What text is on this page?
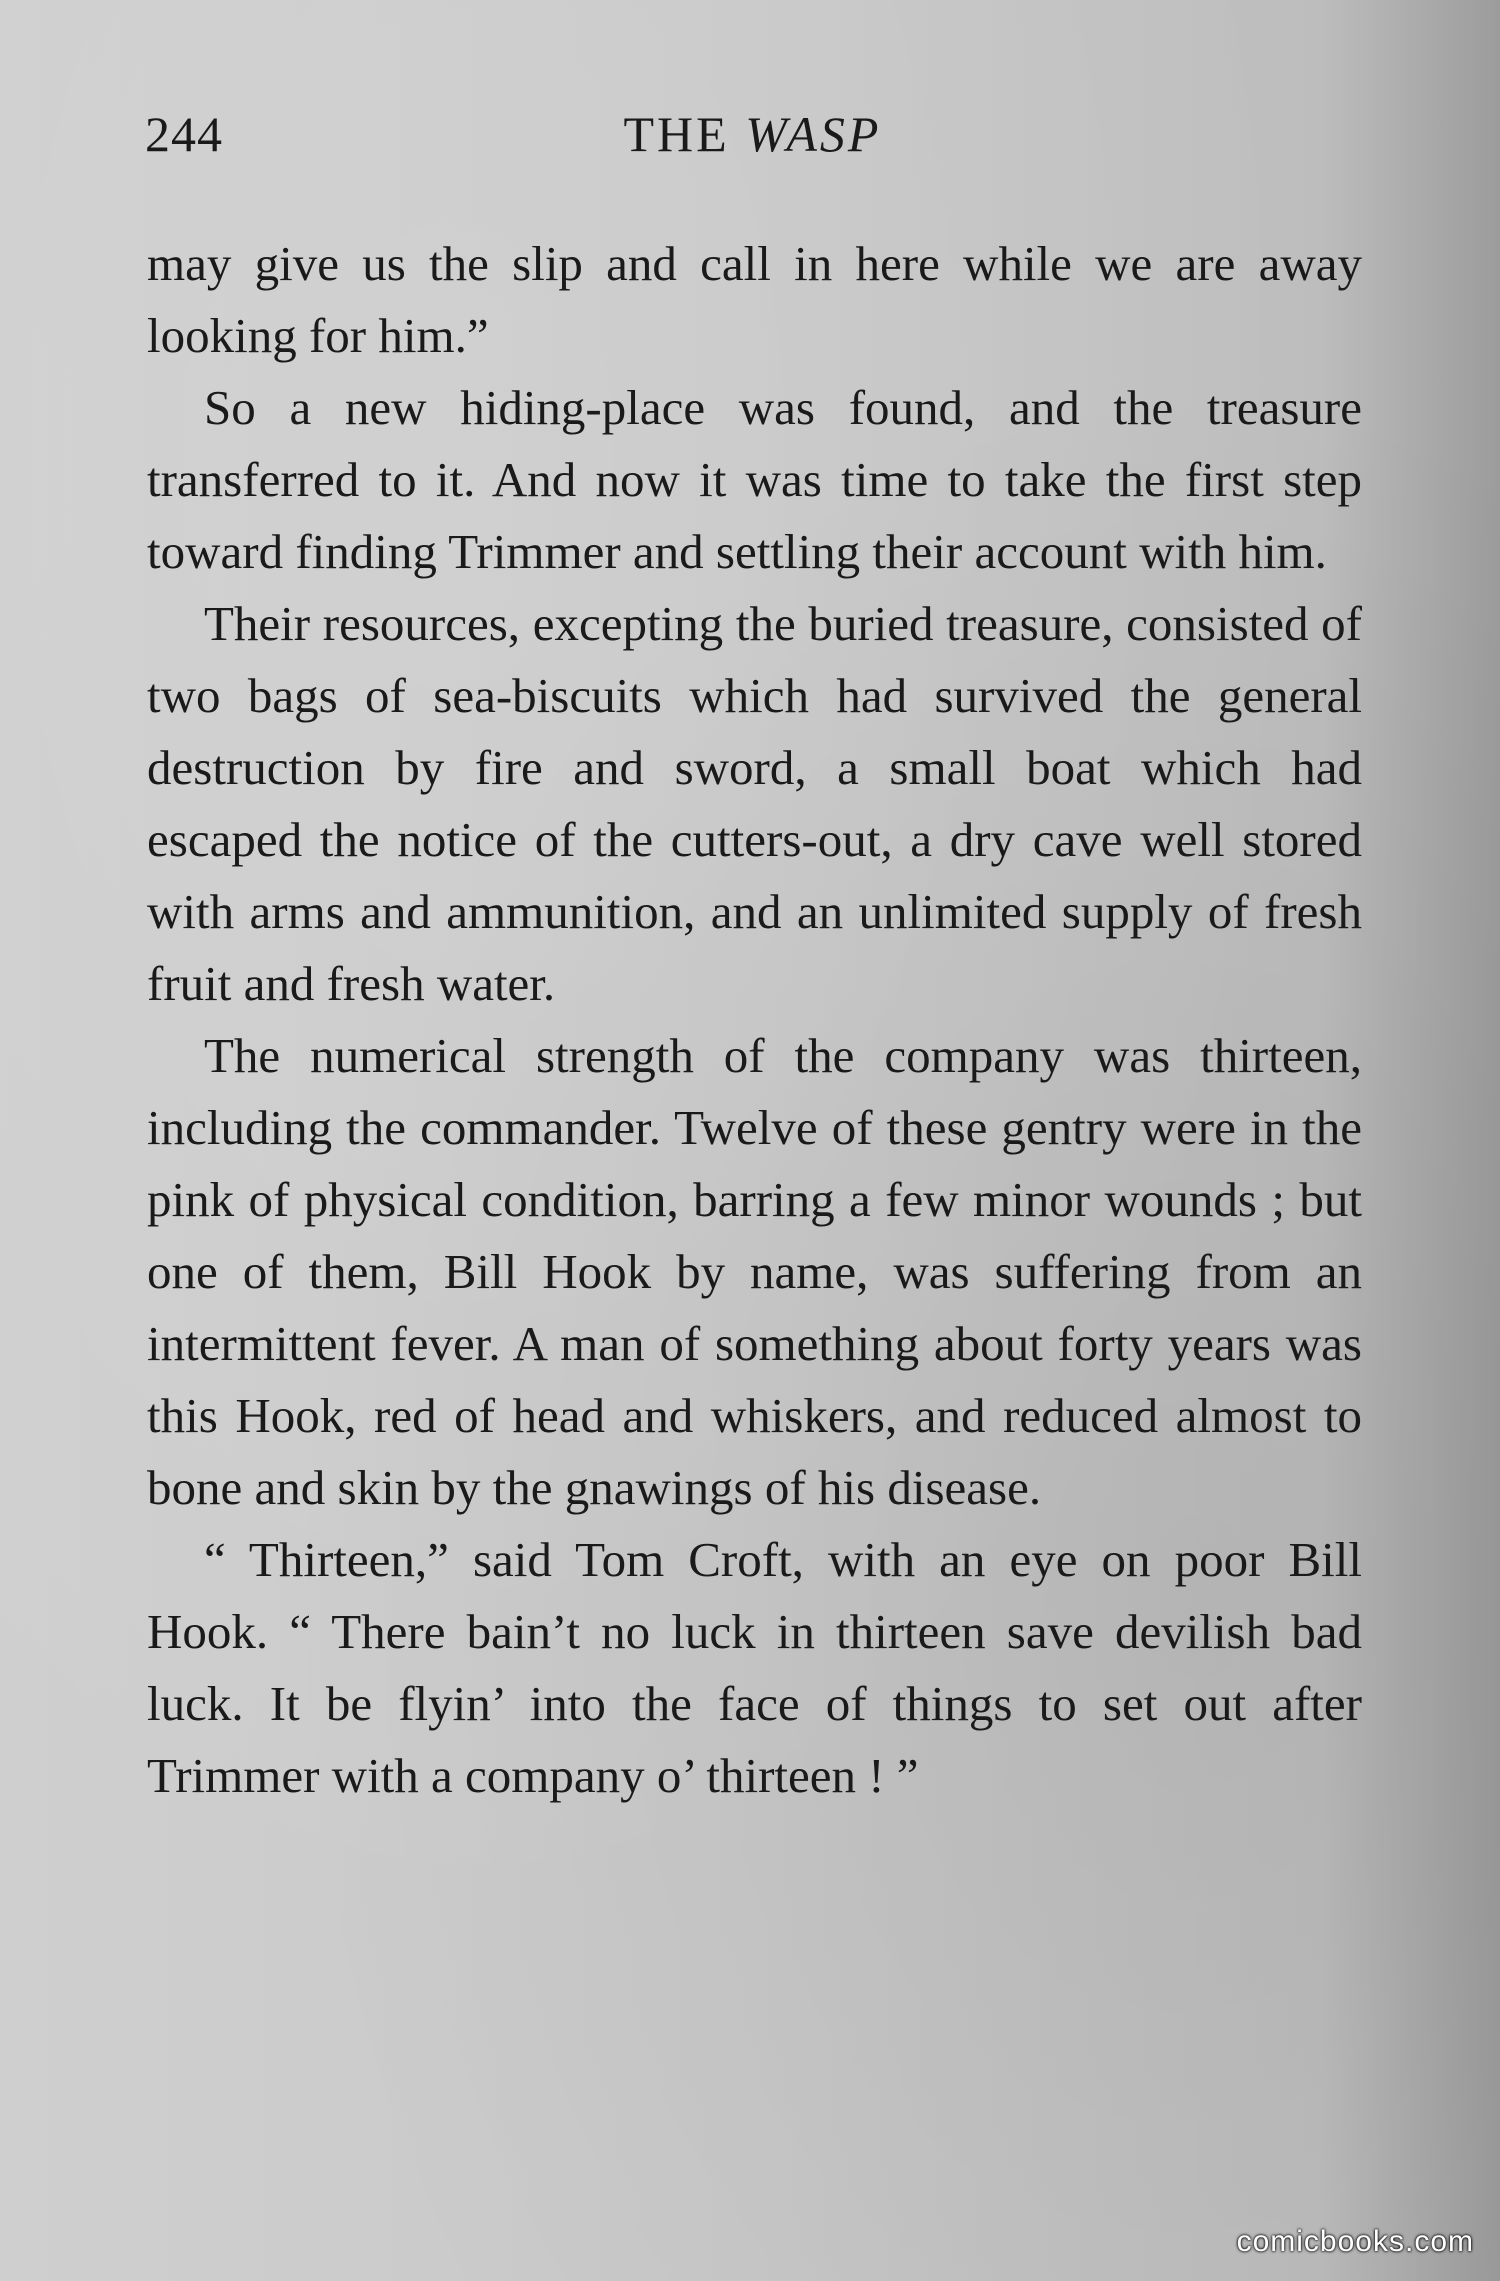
244	THE WASP

may give us the slip and call in here while we are away looking for him.”

So a new hiding-place was found, and the treasure transferred to it. And now it was time to take the first step toward finding Trimmer and settling their account with him.

Their resources, excepting the buried treasure, consisted of two bags of sea-biscuits which had survived the general destruction by fire and sword, a small boat which had escaped the notice of the cutters-out, a dry cave well stored with arms and ammunition, and an unlimited supply of fresh fruit and fresh water.

The numerical strength of the company was thirteen, including the commander. Twelve of these gentry were in the pink of physical condition, barring a few minor wounds ; but one of them, Bill Hook by name, was suffering from an intermittent fever. A man of something about forty years was this Hook, red of head and whiskers, and reduced almost to bone and skin by the gnawings of his disease.

“ Thirteen,” said Tom Croft, with an eye on poor Bill Hook. “ There bain’t no luck in thirteen save devilish bad luck. It be flyin’ into the face of things to set out after Trimmer with a company o’ thirteen ! ”

comicbooks.com
